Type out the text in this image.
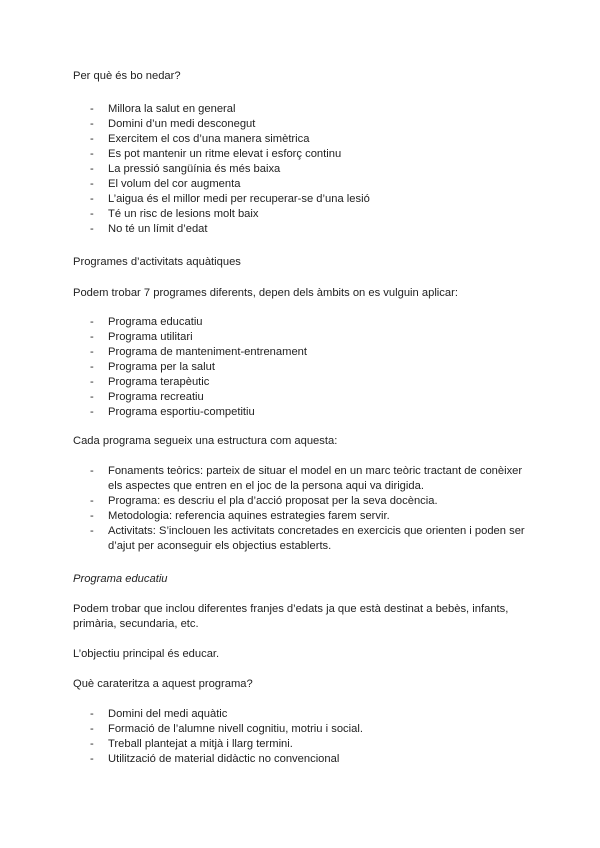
Per què és bo nedar?
- Millora la salut en general
- Domini d’un medi desconegut
- Exercitem el cos d’una manera simètrica
- Es pot mantenir un ritme elevat i esforç continu
- La pressió sangüínia és més baixa
- El volum del cor augmenta
- L’aigua és el millor medi per recuperar-se d’una lesió
- Té un risc de lesions molt baix
- No té un límit d’edat
Programes d’activitats aquàtiques
Podem trobar 7 programes diferents, depen dels àmbits on es vulguin aplicar:
- Programa educatiu
- Programa utilitari
- Programa de manteniment-entrenament
- Programa per la salut
- Programa terapèutic
- Programa recreatiu
- Programa esportiu-competitiu
Cada programa segueix una estructura com aquesta:
- Fonaments teòrics: parteix de situar el model en un marc teòric tractant de conèixer els aspectes que entren en el joc de la persona aqui va dirigida.
- Programa: es descriu el pla d’acció proposat per la seva docència.
- Metodologia: referencia aquines estrategies farem servir.
- Activitats: S’inclouen les activitats concretades en exercicis que orienten i poden ser d’ajut per aconseguir els objectius establerts.
Programa educatiu
Podem trobar que inclou diferentes franjes d’edats ja que està destinat a bebès, infants, primària, secundaria, etc.
L’objectiu principal és educar.
Què carateritza a aquest programa?
- Domini del medi aquàtic
- Formació de l’alumne nivell cognitiu, motriu i social.
- Treball plantejat a mitjà i llarg termini.
- Utilització de material didàctic no convencional
